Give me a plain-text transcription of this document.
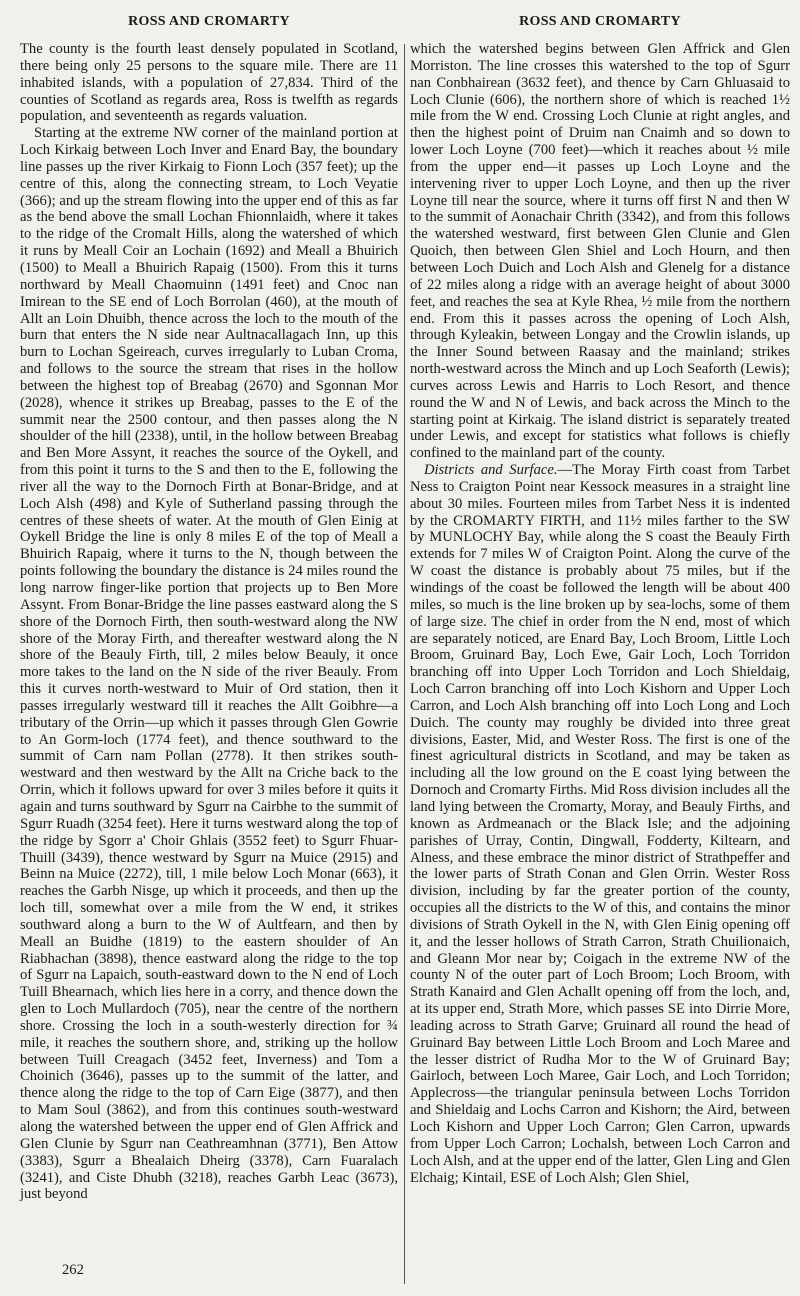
ROSS AND CROMARTY	ROSS AND CROMARTY

The county is the fourth least densely populated in Scotland, there being only 25 persons to the square mile. There are 11 inhabited islands, with a population of 27,834. Third of the counties of Scotland as regards area, Ross is twelfth as regards population, and seventeenth as regards valuation.

Starting at the extreme NW corner of the mainland portion at Loch Kirkaig between Loch Inver and Enard Bay, the boundary line passes up the river Kirkaig to Fionn Loch (357 feet); up the centre of this, along the connecting stream, to Loch Veyatie (366); and up the stream flowing into the upper end of this as far as the bend above the small Lochan Fhionnlaidh, where it takes to the ridge of the Cromalt Hills, along the watershed of which it runs by Meall Coir an Lochain (1692) and Meall a Bhuirich (1500) to Meall a Bhuirich Rapaig (1500). From this it turns northward by Meall Chaomuinn (1491 feet) and Cnoc nan Imirean to the SE end of Loch Borrolan (460), at the mouth of Allt an Loin Dhuibh, thence across the loch to the mouth of the burn that enters the N side near Aultnacallagach Inn, up this burn to Lochan Sgeireach, curves irregularly to Luban Croma, and follows to the source the stream that rises in the hollow between the highest top of Breabag (2670) and Sgonnan Mor (2028), whence it strikes up Breabag, passes to the E of the summit near the 2500 contour, and then passes along the N shoulder of the hill (2338), until, in the hollow between Breabag and Ben More Assynt, it reaches the source of the Oykell, and from this point it turns to the S and then to the E, following the river all the way to the Dornoch Firth at Bonar-Bridge, and at Loch Alsh (498) and Kyle of Sutherland passing through the centres of these sheets of water. At the mouth of Glen Einig at Oykell Bridge the line is only 8 miles E of the top of Meall a Bhuirich Rapaig, where it turns to the N, though between the points following the boundary the distance is 24 miles round the long narrow finger-like portion that projects up to Ben More Assynt. From Bonar-Bridge the line passes eastward along the S shore of the Dornoch Firth, then south-westward along the NW shore of the Moray Firth, and thereafter westward along the N shore of the Beauly Firth, till, 2 miles below Beauly, it once more takes to the land on the N side of the river Beauly. From this it curves north-westward to Muir of Ord station, then it passes irregularly westward till it reaches the Allt Goibhre—a tributary of the Orrin—up which it passes through Glen Gowrie to An Gorm-loch (1774 feet), and thence southward to the summit of Carn nam Pollan (2778). It then strikes south-westward and then westward by the Allt na Criche back to the Orrin, which it follows upward for over 3 miles before it quits it again and turns southward by Sgurr na Cairbhe to the summit of Sgurr Ruadh (3254 feet). Here it turns westward along the top of the ridge by Sgorr a' Choir Ghlais (3552 feet) to Sgurr Fhuar-Thuill (3439), thence westward by Sgurr na Muice (2915) and Beinn na Muice (2272), till, 1 mile below Loch Monar (663), it reaches the Garbh Nisge, up which it proceeds, and then up the loch till, somewhat over a mile from the W end, it strikes southward along a burn to the W of Aultfearn, and then by Meall an Buidhe (1819) to the eastern shoulder of An Riabhachan (3898), thence eastward along the ridge to the top of Sgurr na Lapaich, south-eastward down to the N end of Loch Tuill Bhearnach, which lies here in a corry, and thence down the glen to Loch Mullardoch (705), near the centre of the northern shore. Crossing the loch in a south-westerly direction for ¾ mile, it reaches the southern shore, and, striking up the hollow between Tuill Creagach (3452 feet, Inverness) and Tom a Choinich (3646), passes up to the summit of the latter, and thence along the ridge to the top of Carn Eige (3877), and then to Mam Soul (3862), and from this continues south-westward along the watershed between the upper end of Glen Affrick and Glen Clunie by Sgurr nan Ceathreamhnan (3771), Ben Attow (3383), Sgurr a Bhealaich Dheirg (3378), Carn Fuaralach (3241), and Ciste Dhubh (3218), reaches Garbh Leac (3673), just beyond

which the watershed begins between Glen Affrick and Glen Morriston. The line crosses this watershed to the top of Sgurr nan Conbhairean (3632 feet), and thence by Carn Ghluasaid to Loch Clunie (606), the northern shore of which is reached 1½ mile from the W end. Crossing Loch Clunie at right angles, and then the highest point of Druim nan Cnaimh and so down to lower Loch Loyne (700 feet)—which it reaches about ½ mile from the upper end—it passes up Loch Loyne and the intervening river to upper Loch Loyne, and then up the river Loyne till near the source, where it turns off first N and then W to the summit of Aonachair Chrith (3342), and from this follows the watershed westward, first between Glen Clunie and Glen Quoich, then between Glen Shiel and Loch Hourn, and then between Loch Duich and Loch Alsh and Glenelg for a distance of 22 miles along a ridge with an average height of about 3000 feet, and reaches the sea at Kyle Rhea, ½ mile from the northern end. From this it passes across the opening of Loch Alsh, through Kyleakin, between Longay and the Crowlin islands, up the Inner Sound between Raasay and the mainland; strikes north-westward across the Minch and up Loch Seaforth (Lewis); curves across Lewis and Harris to Loch Resort, and thence round the W and N of Lewis, and back across the Minch to the starting point at Kirkaig. The island district is separately treated under Lewis, and except for statistics what follows is chiefly confined to the mainland part of the county.

Districts and Surface.—The Moray Firth coast from Tarbet Ness to Craigton Point near Kessock measures in a straight line about 30 miles. Fourteen miles from Tarbet Ness it is indented by the CROMARTY FIRTH, and 11½ miles farther to the SW by MUNLOCHY Bay, while along the S coast the Beauly Firth extends for 7 miles W of Craigton Point. Along the curve of the W coast the distance is probably about 75 miles, but if the windings of the coast be followed the length will be about 400 miles, so much is the line broken up by sea-lochs, some of them of large size. The chief in order from the N end, most of which are separately noticed, are Enard Bay, Loch Broom, Little Loch Broom, Gruinard Bay, Loch Ewe, Gair Loch, Loch Torridon branching off into Upper Loch Torridon and Loch Shieldaig, Loch Carron branching off into Loch Kishorn and Upper Loch Carron, and Loch Alsh branching off into Loch Long and Loch Duich. The county may roughly be divided into three great divisions, Easter, Mid, and Wester Ross. The first is one of the finest agricultural districts in Scotland, and may be taken as including all the low ground on the E coast lying between the Dornoch and Cromarty Firths. Mid Ross division includes all the land lying between the Cromarty, Moray, and Beauly Firths, and known as Ardmeanach or the Black Isle; and the adjoining parishes of Urray, Contin, Dingwall, Fodderty, Kiltearn, and Alness, and these embrace the minor district of Strathpeffer and the lower parts of Strath Conan and Glen Orrin. Wester Ross division, including by far the greater portion of the county, occupies all the districts to the W of this, and contains the minor divisions of Strath Oykell in the N, with Glen Einig opening off it, and the lesser hollows of Strath Carron, Strath Chuilionaich, and Gleann Mor near by; Coigach in the extreme NW of the county N of the outer part of Loch Broom; Loch Broom, with Strath Kanaird and Glen Achallt opening off from the loch, and, at its upper end, Strath More, which passes SE into Dirrie More, leading across to Strath Garve; Gruinard all round the head of Gruinard Bay between Little Loch Broom and Loch Maree and the lesser district of Rudha Mor to the W of Gruinard Bay; Gairloch, between Loch Maree, Gair Loch, and Loch Torridon; Applecross—the triangular peninsula between Lochs Torridon and Shieldaig and Lochs Carron and Kishorn; the Aird, between Loch Kishorn and Upper Loch Carron; Glen Carron, upwards from Upper Loch Carron; Lochalsh, between Loch Carron and Loch Alsh, and at the upper end of the latter, Glen Ling and Glen Elchaig; Kintail, ESE of Loch Alsh; Glen Shiel,

262
